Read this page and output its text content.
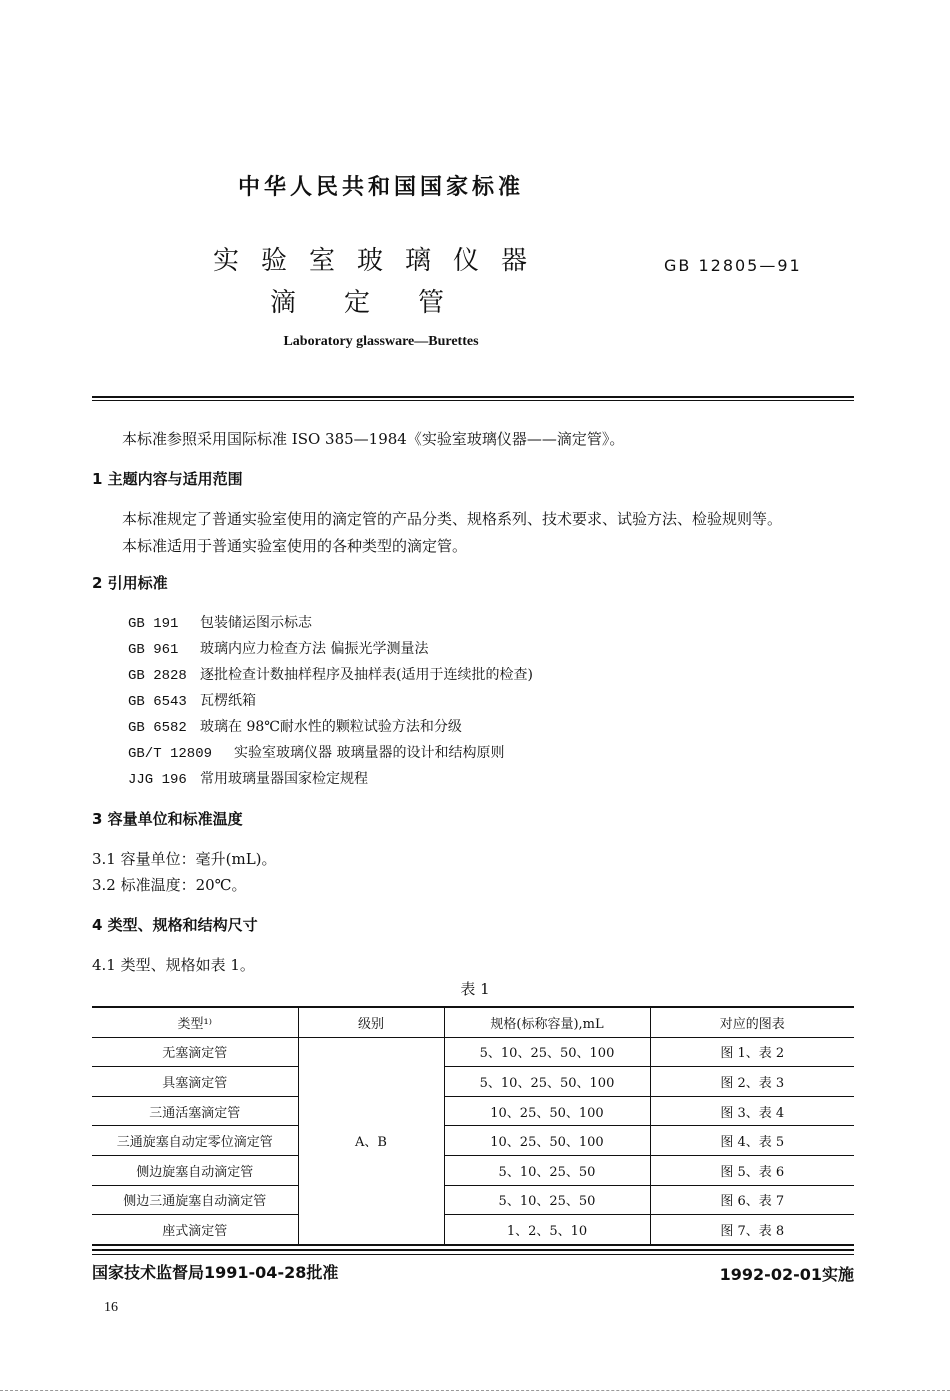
中华人民共和国国家标准
实验室玻璃仪器
滴定管
GB 12805—91
Laboratory glassware—Burettes
本标准参照采用国际标准 ISO 385—1984《实验室玻璃仪器——滴定管》。
1 主题内容与适用范围
本标准规定了普通实验室使用的滴定管的产品分类、规格系列、技术要求、试验方法、检验规则等。
本标准适用于普通实验室使用的各种类型的滴定管。
2 引用标准
GB 191 包装储运图示标志
GB 961 玻璃内应力检查方法 偏振光学测量法
GB 2828 逐批检查计数抽样程序及抽样表(适用于连续批的检查)
GB 6543 瓦楞纸箱
GB 6582 玻璃在 98℃耐水性的颗粒试验方法和分级
GB/T 12809 实验室玻璃仪器 玻璃量器的设计和结构原则
JJG 196 常用玻璃量器国家检定规程
3 容量单位和标准温度
3.1 容量单位：毫升(mL)。
3.2 标准温度：20℃。
4 类型、规格和结构尺寸
4.1 类型、规格如表 1。
表 1
类型¹⁾	级别	规格(标称容量),mL	对应的图表
无塞滴定管	A、B	5、10、25、50、100	图 1、表 2
具塞滴定管		5、10、25、50、100	图 2、表 3
三通活塞滴定管		10、25、50、100	图 3、表 4
三通旋塞自动定零位滴定管		10、25、50、100	图 4、表 5
侧边旋塞自动滴定管		5、10、25、50	图 5、表 6
侧边三通旋塞自动滴定管		5、10、25、50	图 6、表 7
座式滴定管		1、2、5、10	图 7、表 8
国家技术监督局1991-04-28批准	1992-02-01实施
16
